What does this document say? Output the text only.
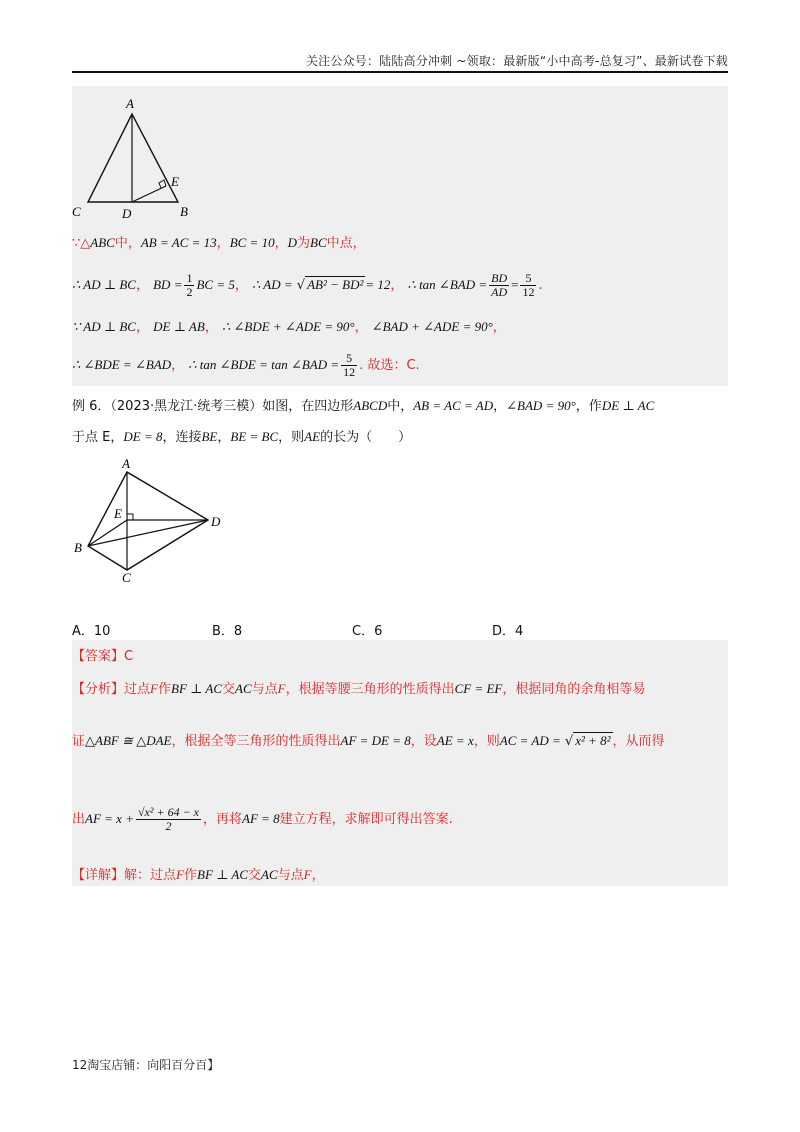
关注公众号：陆陆高分冲刺 ~领取：最新版“小中高考-总复习”、最新试卷下载
A
E
C	D	B
∵△ABC中，AB = AC = 13，BC = 10，D为BC中点，
∴ AD ⊥ BC， BD = $\frac{1}{2}$ BC = 5， ∴ AD = √ AB² − BD² = 12， ∴ tan ∠BAD = $\frac{BD}{AD} = \frac{5}{12}$ .
∵ AD ⊥ BC， DE ⊥ AB， ∴ ∠BDE + ∠ADE = 90°， ∠BAD + ∠ADE = 90°，
∴ ∠BDE = ∠BAD， ∴ tan ∠BDE = tan ∠BAD = $\frac{5}{12}$ . 故选：C.
例 6．（2023·黑龙江·统考三模）如图，在四边形ABCD中，AB = AC = AD，∠BAD = 90°，作DE ⊥ AC
于点 E，DE = 8，连接BE，BE = BC，则AE的长为（　　）
A
E
D
B
C
A．10	B．8	C．6	D．4
【答案】C
【分析】过点F作BF ⊥ AC交AC与点F，根据等腰三角形的性质得出CF = EF，根据同角的余角相等易
证△ABF ≅ △DAE，根据全等三角形的性质得出AF = DE = 8，设AE = x，则AC = AD = √ x² + 8² ，从而得
出AF = $x + \frac{\text{√x² + 64 − x}}{2}$ ，再将AF = 8建立方程，求解即可得出答案.
【详解】解：过点F作BF ⊥ AC交AC与点F，
12淘宝店铺：向阳百分百】
